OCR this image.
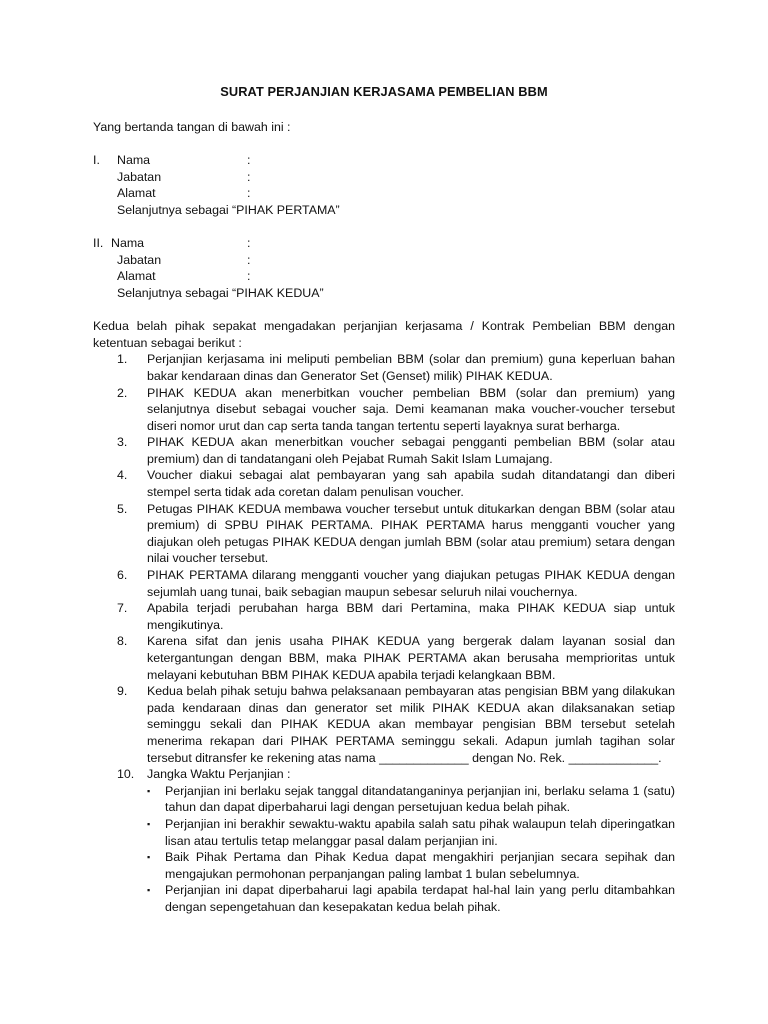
SURAT PERJANJIAN KERJASAMA PEMBELIAN BBM
Yang bertanda tangan di bawah ini :
I.	Nama	:
Jabatan	:
Alamat	:
Selanjutnya sebagai “PIHAK PERTAMA”
II. Nama	:
Jabatan	:
Alamat	:
Selanjutnya sebagai “PIHAK KEDUA”
Kedua belah pihak sepakat mengadakan perjanjian kerjasama / Kontrak Pembelian BBM dengan ketentuan sebagai berikut :
1.	Perjanjian kerjasama ini meliputi pembelian BBM (solar dan premium) guna keperluan bahan bakar kendaraan dinas dan Generator Set (Genset) milik) PIHAK KEDUA.
2.	PIHAK KEDUA akan menerbitkan voucher pembelian BBM (solar dan premium) yang selanjutnya disebut sebagai voucher saja. Demi keamanan maka voucher-voucher tersebut diseri nomor urut dan cap serta tanda tangan tertentu seperti layaknya surat berharga.
3.	PIHAK KEDUA akan menerbitkan voucher sebagai pengganti pembelian BBM (solar atau premium) dan di tandatangani oleh Pejabat Rumah Sakit Islam Lumajang.
4.	Voucher diakui sebagai alat pembayaran yang sah apabila sudah ditandatangi dan diberi stempel serta tidak ada coretan dalam penulisan voucher.
5.	Petugas PIHAK KEDUA membawa voucher tersebut untuk ditukarkan dengan BBM (solar atau premium) di SPBU PIHAK PERTAMA. PIHAK PERTAMA harus mengganti voucher yang diajukan oleh petugas PIHAK KEDUA dengan jumlah BBM (solar atau premium) setara dengan nilai voucher tersebut.
6.	PIHAK PERTAMA dilarang mengganti voucher yang diajukan petugas PIHAK KEDUA dengan sejumlah uang tunai, baik sebagian maupun sebesar seluruh nilai vouchernya.
7.	Apabila terjadi perubahan harga BBM dari Pertamina, maka PIHAK KEDUA siap untuk mengikutinya.
8.	Karena sifat dan jenis usaha PIHAK KEDUA yang bergerak dalam layanan sosial dan ketergantungan dengan BBM, maka PIHAK PERTAMA akan berusaha memprioritas untuk melayani kebutuhan BBM PIHAK KEDUA apabila terjadi kelangkaan BBM.
9.	Kedua belah pihak setuju bahwa pelaksanaan pembayaran atas pengisian BBM yang dilakukan pada kendaraan dinas dan generator set milik PIHAK KEDUA akan dilaksanakan setiap seminggu sekali dan PIHAK KEDUA akan membayar pengisian BBM tersebut setelah menerima rekapan dari PIHAK PERTAMA seminggu sekali. Adapun jumlah tagihan solar tersebut ditransfer ke rekening atas nama _____________ dengan No. Rek. _____________.
10.	Jangka Waktu Perjanjian :
▪	Perjanjian ini berlaku sejak tanggal ditandatanganinya perjanjian ini, berlaku selama 1 (satu) tahun dan dapat diperbaharui lagi dengan persetujuan kedua belah pihak.
▪	Perjanjian ini berakhir sewaktu-waktu apabila salah satu pihak walaupun telah diperingatkan lisan atau tertulis tetap melanggar pasal dalam perjanjian ini.
▪	Baik Pihak Pertama dan Pihak Kedua dapat mengakhiri perjanjian secara sepihak dan mengajukan permohonan perpanjangan paling lambat 1 bulan sebelumnya.
▪	Perjanjian ini dapat diperbaharui lagi apabila terdapat hal-hal lain yang perlu ditambahkan dengan sepengetahuan dan kesepakatan kedua belah pihak.
